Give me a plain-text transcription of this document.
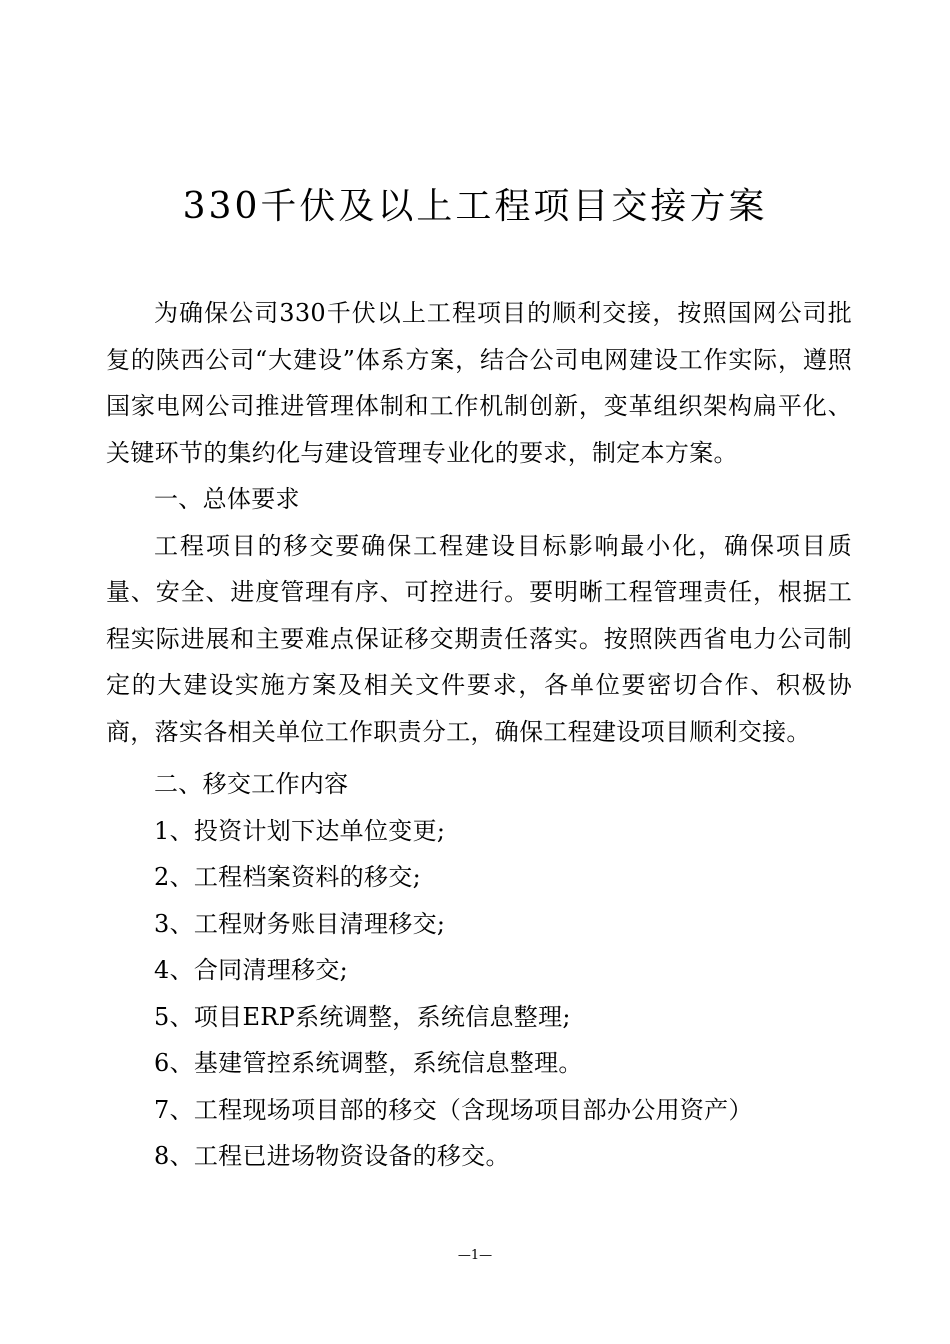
330千伏及以上工程项目交接方案

为确保公司330千伏以上工程项目的顺利交接，按照国网公司批复的陕西公司“大建设”体系方案，结合公司电网建设工作实际，遵照国家电网公司推进管理体制和工作机制创新，变革组织架构扁平化、关键环节的集约化与建设管理专业化的要求，制定本方案。

一、总体要求

工程项目的移交要确保工程建设目标影响最小化，确保项目质量、安全、进度管理有序、可控进行。要明晰工程管理责任，根据工程实际进展和主要难点保证移交期责任落实。按照陕西省电力公司制定的大建设实施方案及相关文件要求，各单位要密切合作、积极协商，落实各相关单位工作职责分工，确保工程建设项目顺利交接。

二、移交工作内容

1、投资计划下达单位变更;

2、工程档案资料的移交;

3、工程财务账目清理移交;

4、合同清理移交;

5、项目ERP系统调整，系统信息整理;

6、基建管控系统调整，系统信息整理。

7、工程现场项目部的移交（含现场项目部办公用资产）

8、工程已进场物资设备的移交。

—1—
